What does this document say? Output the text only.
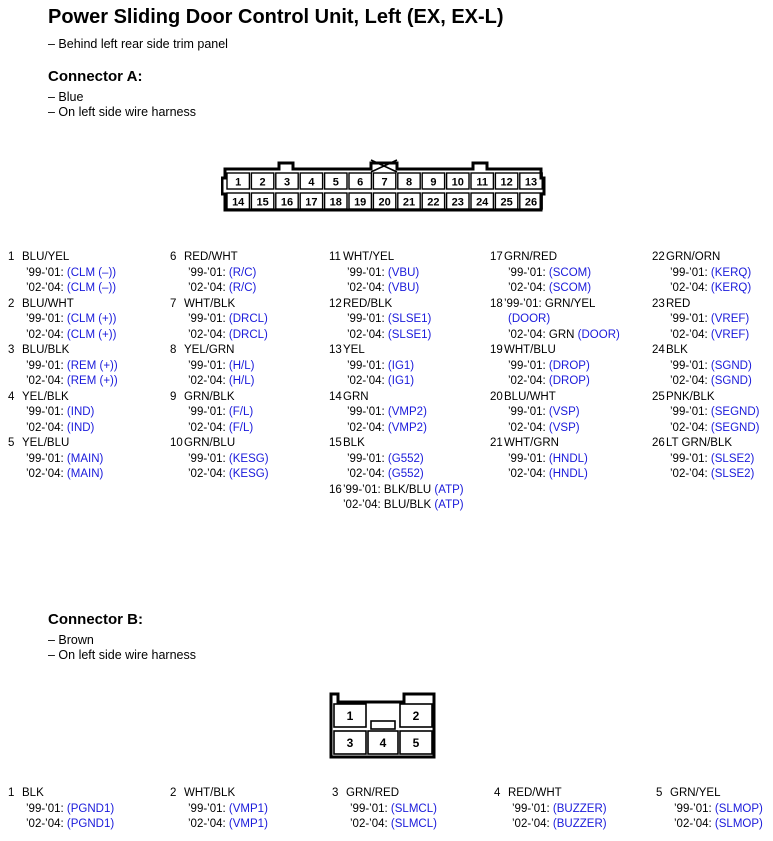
Power Sliding Door Control Unit, Left (EX, EX-L)
– Behind left rear side trim panel
Connector A:
– Blue
– On left side wire harness
1 2 3 4 5 6 7 8 9 10 11 12 13
14 15 16 17 18 19 20 21 22 23 24 25 26
1 BLU/YEL
’99-’01: (CLM (–))
’02-’04: (CLM (–))
2 BLU/WHT
’99-’01: (CLM (+))
’02-’04: (CLM (+))
3 BLU/BLK
’99-’01: (REM (+))
’02-’04: (REM (+))
4 YEL/BLK
’99-’01: (IND)
’02-’04: (IND)
5 YEL/BLU
’99-’01: (MAIN)
’02-’04: (MAIN)
6 RED/WHT
’99-’01: (R/C)
’02-’04: (R/C)
7 WHT/BLK
’99-’01: (DRCL)
’02-’04: (DRCL)
8 YEL/GRN
’99-’01: (H/L)
’02-’04: (H/L)
9 GRN/BLK
’99-’01: (F/L)
’02-’04: (F/L)
10 GRN/BLU
’99-’01: (KESG)
’02-’04: (KESG)
11 WHT/YEL
’99-’01: (VBU)
’02-’04: (VBU)
12 RED/BLK
’99-’01: (SLSE1)
’02-’04: (SLSE1)
13 YEL
’99-’01: (IG1)
’02-’04: (IG1)
14 GRN
’99-’01: (VMP2)
’02-’04: (VMP2)
15 BLK
’99-’01: (G552)
’02-’04: (G552)
16 ’99-’01: BLK/BLU (ATP)
’02-’04: BLU/BLK (ATP)
17 GRN/RED
’99-’01: (SCOM)
’02-’04: (SCOM)
18 ’99-’01: GRN/YEL
(DOOR)
’02-’04: GRN (DOOR)
19 WHT/BLU
’99-’01: (DROP)
’02-’04: (DROP)
20 BLU/WHT
’99-’01: (VSP)
’02-’04: (VSP)
21 WHT/GRN
’99-’01: (HNDL)
’02-’04: (HNDL)
22 GRN/ORN
’99-’01: (KERQ)
’02-’04: (KERQ)
23 RED
’99-’01: (VREF)
’02-’04: (VREF)
24 BLK
’99-’01: (SGND)
’02-’04: (SGND)
25 PNK/BLK
’99-’01: (SEGND)
’02-’04: (SEGND)
26 LT GRN/BLK
’99-’01: (SLSE2)
’02-’04: (SLSE2)
Connector B:
– Brown
– On left side wire harness
1	2
3 4 5
1 BLK
’99-’01: (PGND1)
’02-’04: (PGND1)
2 WHT/BLK
’99-’01: (VMP1)
’02-’04: (VMP1)
3 GRN/RED
’99-’01: (SLMCL)
’02-’04: (SLMCL)
4 RED/WHT
’99-’01: (BUZZER)
’02-’04: (BUZZER)
5 GRN/YEL
’99-’01: (SLMOP)
’02-’04: (SLMOP)
